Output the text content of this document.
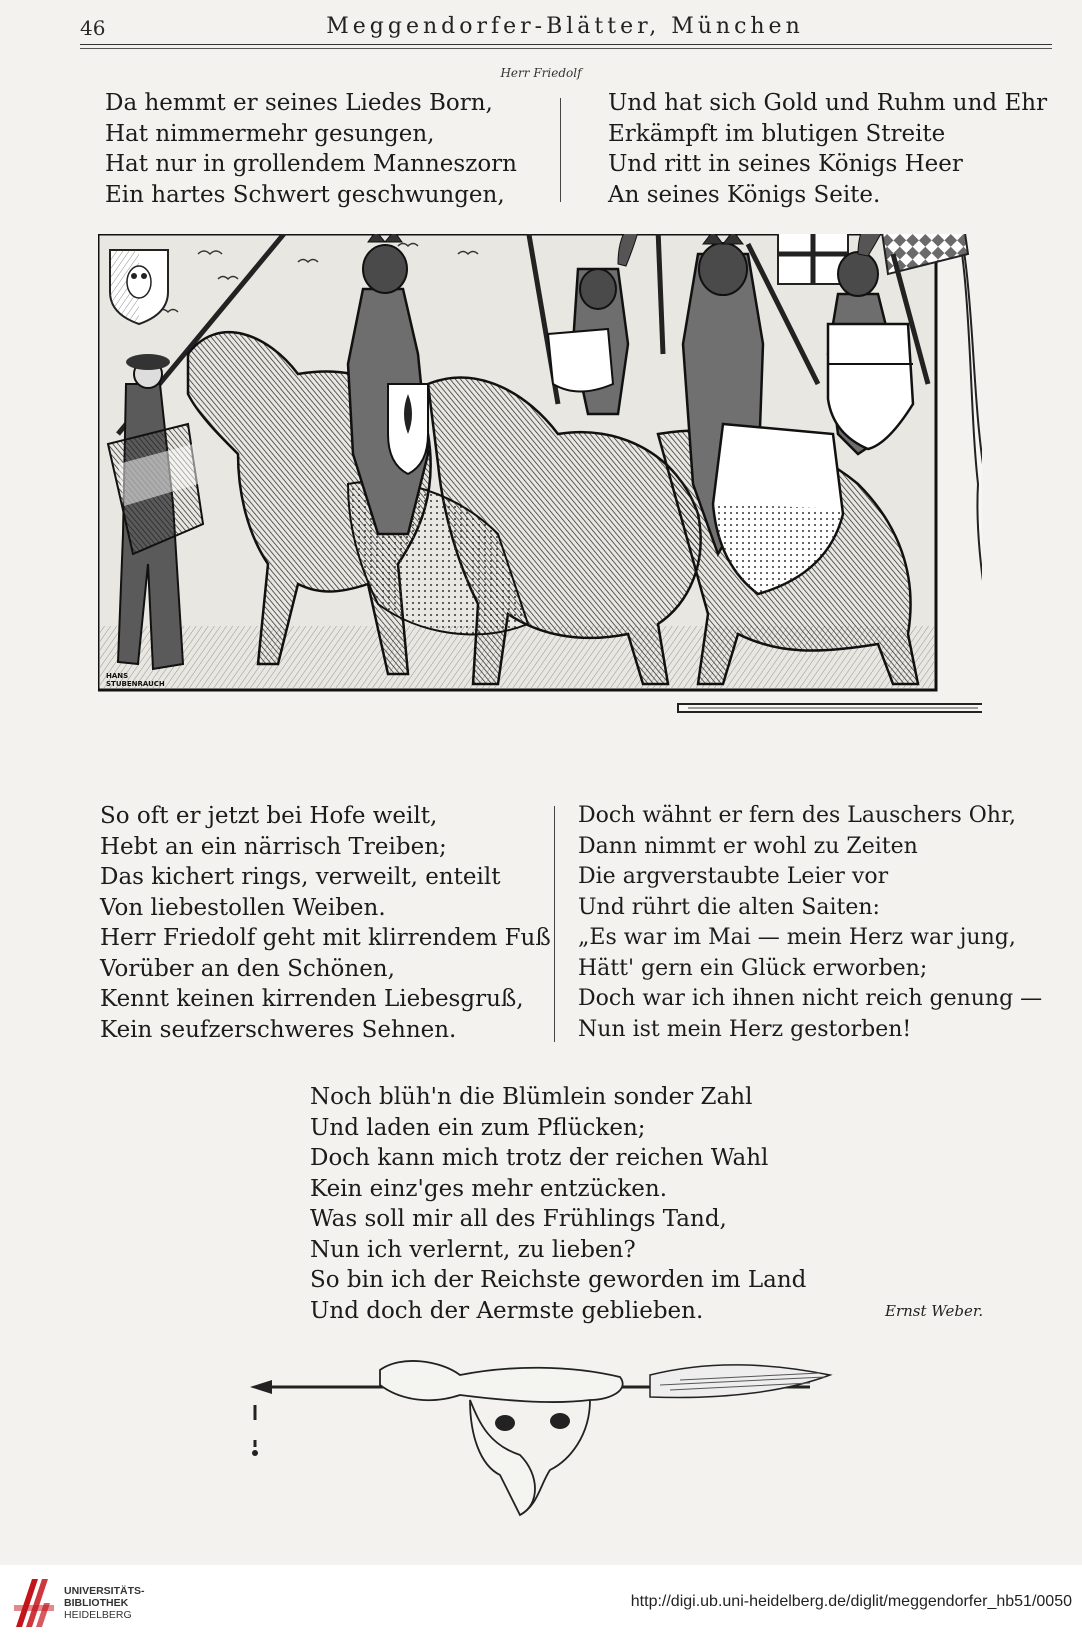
46	Meggendorfer-Blätter, München
Herr Friedolf
Da hemmt er seines Liedes Born,
Hat nimmermehr gesungen,
Hat nur in grollendem Manneszorn
Ein hartes Schwert geschwungen,
Und hat sich Gold und Ruhm und Ehr
Erkämpft im blutigen Streite
Und ritt in seines Königs Heer
An seines Königs Seite.
HANS
STUBENRAUCH
So oft er jetzt bei Hofe weilt,
Hebt an ein närrisch Treiben;
Das kichert rings, verweilt, enteilt
Von liebestollen Weiben.
Herr Friedolf geht mit klirrendem Fuß
Vorüber an den Schönen,
Kennt keinen kirrenden Liebesgruß,
Kein seufzerschweres Sehnen.
Doch wähnt er fern des Lauschers Ohr,
Dann nimmt er wohl zu Zeiten
Die argverstaubte Leier vor
Und rührt die alten Saiten:
„Es war im Mai — mein Herz war jung,
Hätt' gern ein Glück erworben;
Doch war ich ihnen nicht reich genung —
Nun ist mein Herz gestorben!
Noch blüh'n die Blümlein sonder Zahl
Und laden ein zum Pflücken;
Doch kann mich trotz der reichen Wahl
Kein einz'ges mehr entzücken.
Was soll mir all des Frühlings Tand,
Nun ich verlernt, zu lieben?
So bin ich der Reichste geworden im Land
Und doch der Aermste geblieben.	Ernst Weber.
UNIVERSITÄTS-
BIBLIOTHEK
HEIDELBERG
http://digi.ub.uni-heidelberg.de/diglit/meggendorfer_hb51/0050
